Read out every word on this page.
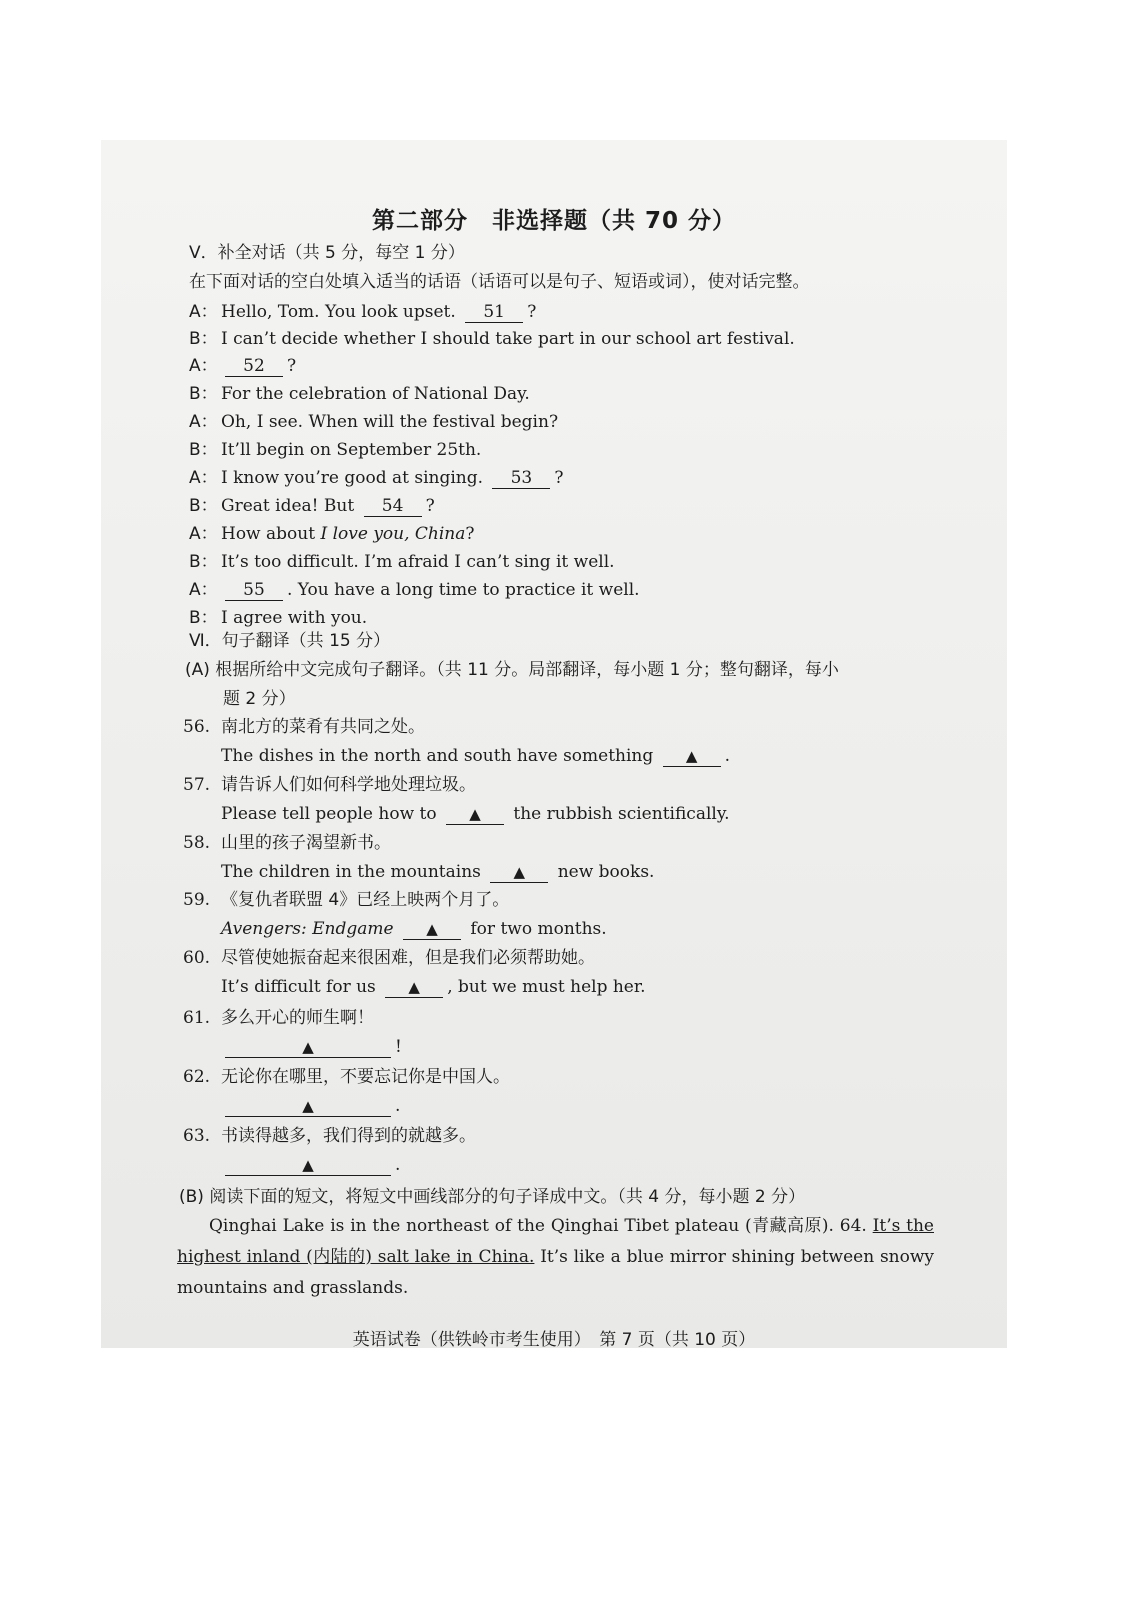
第二部分　非选择题（共 70 分）
Ⅴ．补全对话（共 5 分，每空 1 分）
在下面对话的空白处填入适当的话语（话语可以是句子、短语或词），使对话完整。
A： Hello, Tom. You look upset. 51 ?
B： I can’t decide whether I should take part in our school art festival.
A： 52 ?
B： For the celebration of National Day.
A： Oh, I see. When will the festival begin?
B： It’ll begin on September 25th.
A： I know you’re good at singing. 53 ?
B： Great idea! But 54 ?
A： How about I love you, China?
B： It’s too difficult. I’m afraid I can’t sing it well.
A： 55 . You have a long time to practice it well.
B： I agree with you.
Ⅵ．句子翻译（共 15 分）
(A) 根据所给中文完成句子翻译。（共 11 分。局部翻译，每小题 1 分；整句翻译，每小
题 2 分）
56. 南北方的菜肴有共同之处。
The dishes in the north and south have something ▲ .
57. 请告诉人们如何科学地处理垃圾。
Please tell people how to ▲ the rubbish scientifically.
58. 山里的孩子渴望新书。
The children in the mountains ▲ new books.
59. 《复仇者联盟 4》已经上映两个月了。
Avengers: Endgame ▲ for two months.
60. 尽管使她振奋起来很困难，但是我们必须帮助她。
It’s difficult for us ▲ , but we must help her.
61. 多么开心的师生啊！
▲	!
62. 无论你在哪里，不要忘记你是中国人。
▲	.
63. 书读得越多，我们得到的就越多。
▲	.
(B) 阅读下面的短文，将短文中画线部分的句子译成中文。（共 4 分，每小题 2 分）
Qinghai Lake is in the northeast of the Qinghai Tibet plateau (青藏高原). 64. It’s the highest inland (内陆的) salt lake in China. It’s like a blue mirror shining between snowy mountains and grasslands.
英语试卷（供铁岭市考生使用）　第 7 页（共 10 页）
